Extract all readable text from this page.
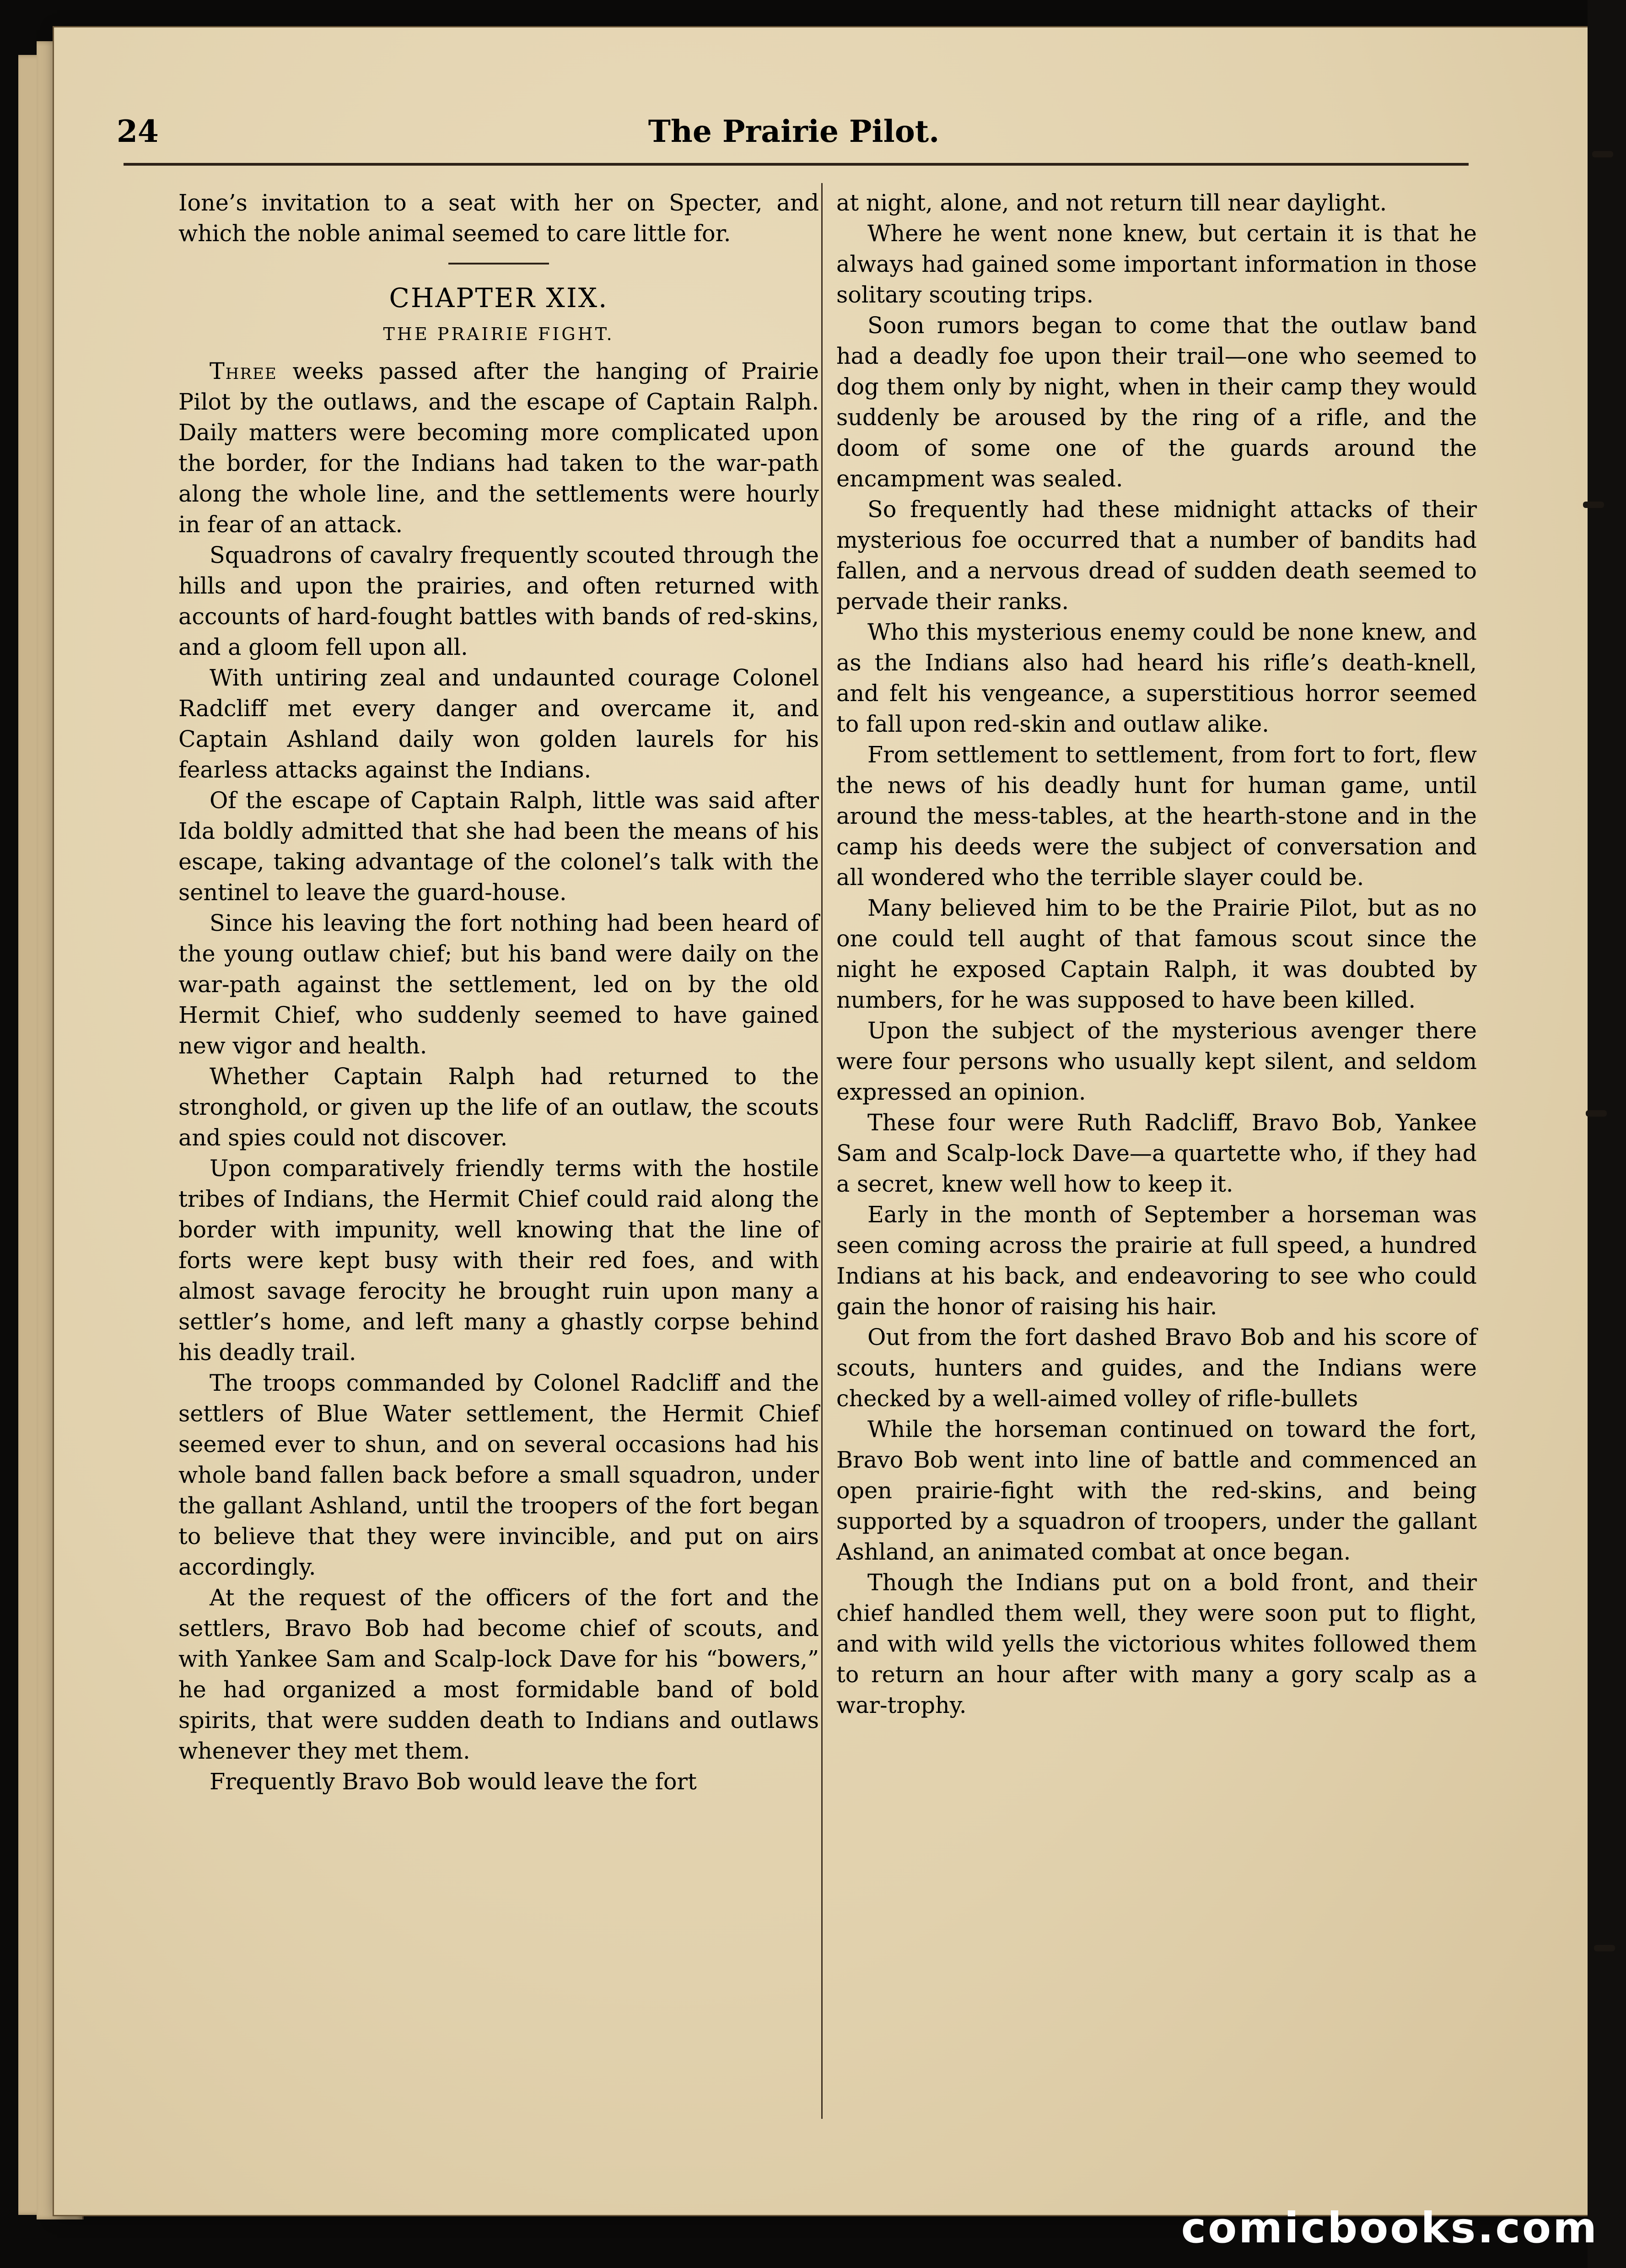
24	The Prairie Pilot.

Ione’s invitation to a seat with her on Specter, and which the noble animal seemed to care little for.

CHAPTER XIX.
THE PRAIRIE FIGHT.

Three weeks passed after the hanging of Prairie Pilot by the outlaws, and the escape of Captain Ralph. Daily matters were becoming more complicated upon the border, for the Indians had taken to the war-path along the whole line, and the settlements were hourly in fear of an attack.

Squadrons of cavalry frequently scouted through the hills and upon the prairies, and often returned with accounts of hard-fought battles with bands of red-skins, and a gloom fell upon all.

With untiring zeal and undaunted courage Colonel Radcliff met every danger and overcame it, and Captain Ashland daily won golden laurels for his fearless attacks against the Indians.

Of the escape of Captain Ralph, little was said after Ida boldly admitted that she had been the means of his escape, taking advantage of the colonel’s talk with the sentinel to leave the guard-house.

Since his leaving the fort nothing had been heard of the young outlaw chief; but his band were daily on the war-path against the settlement, led on by the old Hermit Chief, who suddenly seemed to have gained new vigor and health.

Whether Captain Ralph had returned to the stronghold, or given up the life of an outlaw, the scouts and spies could not discover.

Upon comparatively friendly terms with the hostile tribes of Indians, the Hermit Chief could raid along the border with impunity, well knowing that the line of forts were kept busy with their red foes, and with almost savage ferocity he brought ruin upon many a settler’s home, and left many a ghastly corpse behind his deadly trail.

The troops commanded by Colonel Radcliff and the settlers of Blue Water settlement, the Hermit Chief seemed ever to shun, and on several occasions had his whole band fallen back before a small squadron, under the gallant Ashland, until the troopers of the fort began to believe that they were invincible, and put on airs accordingly.

At the request of the officers of the fort and the settlers, Bravo Bob had become chief of scouts, and with Yankee Sam and Scalp-lock Dave for his “bowers,” he had organized a most formidable band of bold spirits, that were sudden death to Indians and outlaws whenever they met them.

Frequently Bravo Bob would leave the fort

at night, alone, and not return till near daylight.

Where he went none knew, but certain it is that he always had gained some important information in those solitary scouting trips.

Soon rumors began to come that the outlaw band had a deadly foe upon their trail—one who seemed to dog them only by night, when in their camp they would suddenly be aroused by the ring of a rifle, and the doom of some one of the guards around the encampment was sealed.

So frequently had these midnight attacks of their mysterious foe occurred that a number of bandits had fallen, and a nervous dread of sudden death seemed to pervade their ranks.

Who this mysterious enemy could be none knew, and as the Indians also had heard his rifle’s death-knell, and felt his vengeance, a superstitious horror seemed to fall upon red-skin and outlaw alike.

From settlement to settlement, from fort to fort, flew the news of his deadly hunt for human game, until around the mess-tables, at the hearth-stone and in the camp his deeds were the subject of conversation and all wondered who the terrible slayer could be.

Many believed him to be the Prairie Pilot, but as no one could tell aught of that famous scout since the night he exposed Captain Ralph, it was doubted by numbers, for he was supposed to have been killed.

Upon the subject of the mysterious avenger there were four persons who usually kept silent, and seldom expressed an opinion.

These four were Ruth Radcliff, Bravo Bob, Yankee Sam and Scalp-lock Dave—a quartette who, if they had a secret, knew well how to keep it.

Early in the month of September a horseman was seen coming across the prairie at full speed, a hundred Indians at his back, and endeavoring to see who could gain the honor of raising his hair.

Out from the fort dashed Bravo Bob and his score of scouts, hunters and guides, and the Indians were checked by a well-aimed volley of rifle-bullets

While the horseman continued on toward the fort, Bravo Bob went into line of battle and commenced an open prairie-fight with the red-skins, and being supported by a squadron of troopers, under the gallant Ashland, an animated combat at once began.

Though the Indians put on a bold front, and their chief handled them well, they were soon put to flight, and with wild yells the victorious whites followed them to return an hour after with many a gory scalp as a war-trophy.

comicbooks.com
